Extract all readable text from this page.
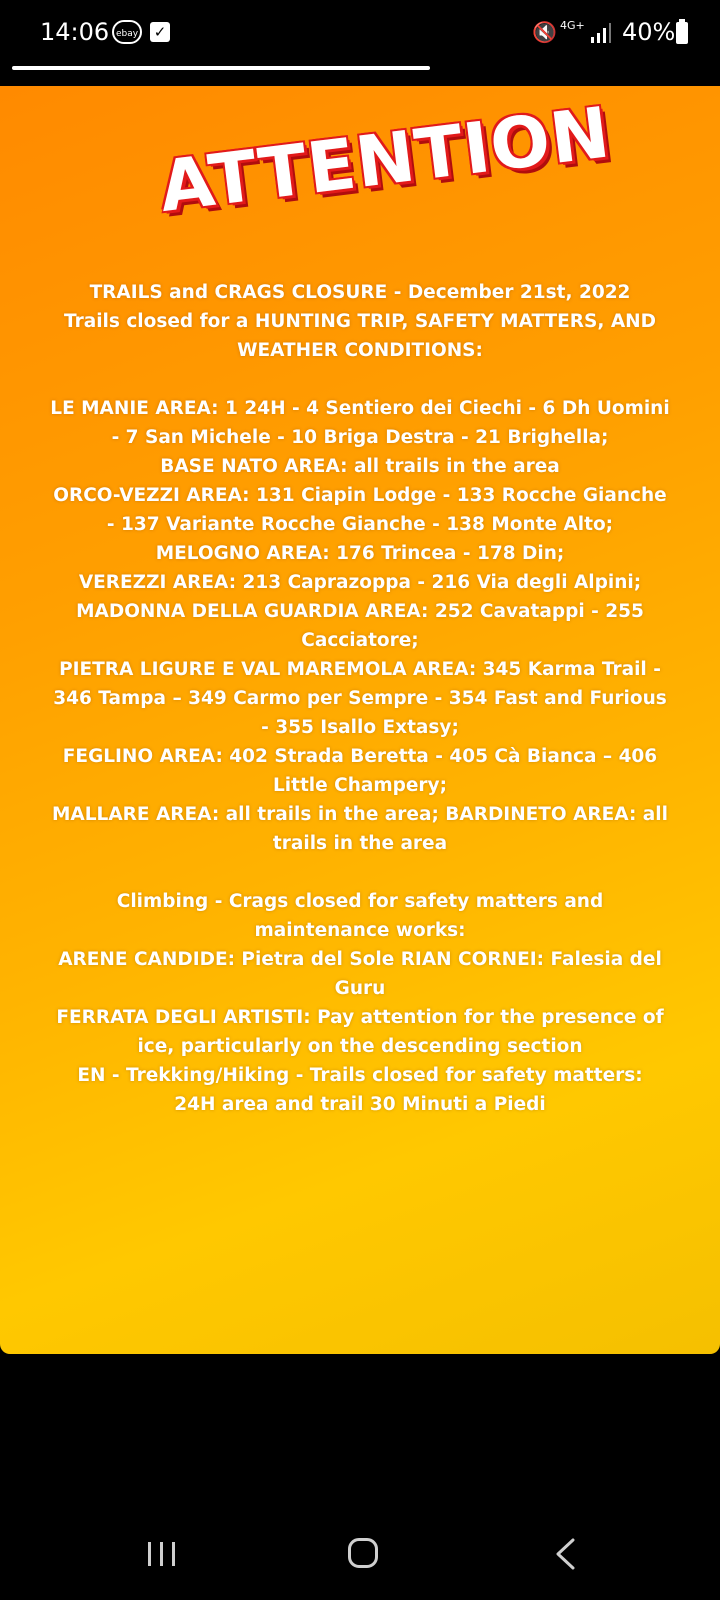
14:06 ebay ✓	🔇 4G+ 40%
ATTENTION

TRAILS and CRAGS CLOSURE - December 21st, 2022

Trails closed for a HUNTING TRIP, SAFETY MATTERS, AND WEATHER CONDITIONS:

LE MANIE AREA: 1 24H - 4 Sentiero dei Ciechi - 6 Dh Uomini - 7 San Michele - 10 Briga Destra - 21 Brighella;

BASE NATO AREA: all trails in the area

ORCO-VEZZI AREA: 131 Ciapin Lodge - 133 Rocche Gianche - 137 Variante Rocche Gianche - 138 Monte Alto;

MELOGNO AREA: 176 Trincea - 178 Din;

VEREZZI AREA: 213 Caprazoppa - 216 Via degli Alpini;

MADONNA DELLA GUARDIA AREA: 252 Cavatappi - 255 Cacciatore;

PIETRA LIGURE E VAL MAREMOLA AREA: 345 Karma Trail - 346 Tampa – 349 Carmo per Sempre - 354 Fast and Furious - 355 Isallo Extasy;

FEGLINO AREA: 402 Strada Beretta - 405 Cà Bianca – 406 Little Champery;

MALLARE AREA: all trails in the area; BARDINETO AREA: all trails in the area

Climbing - Crags closed for safety matters and maintenance works:

ARENE CANDIDE: Pietra del Sole RIAN CORNEI: Falesia del Guru

FERRATA DEGLI ARTISTI: Pay attention for the presence of ice, particularly on the descending section

EN - Trekking/Hiking - Trails closed for safety matters:

24H area and trail 30 Minuti a Piedi
